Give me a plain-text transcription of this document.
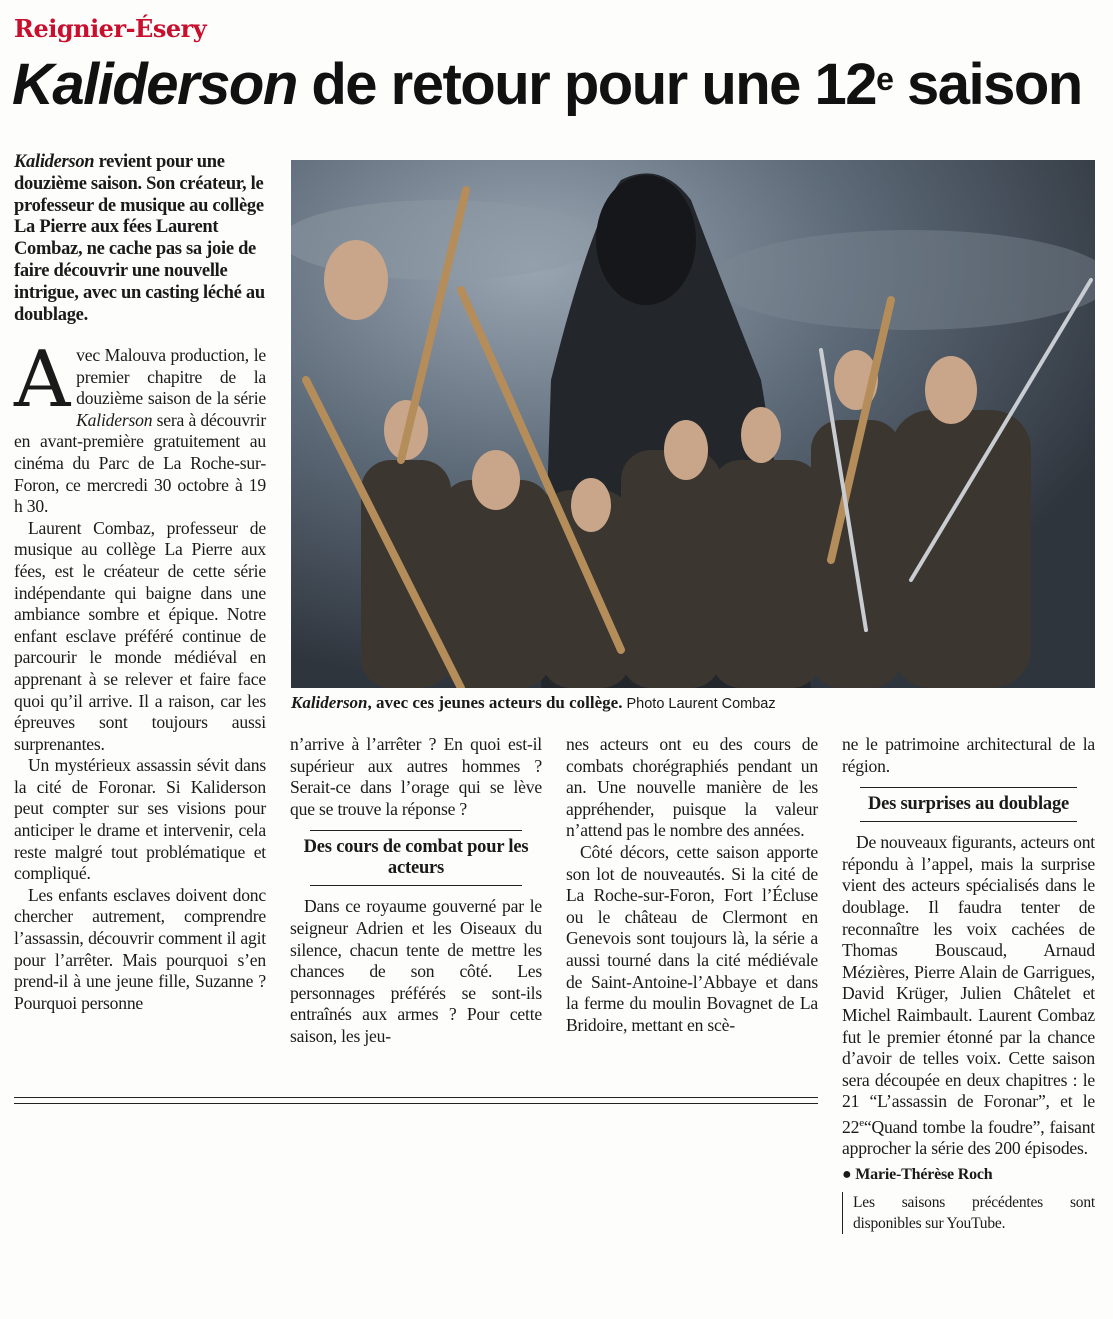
Reignier-Ésery
Kaliderson de retour pour une 12e saison
Kaliderson revient pour une douzième saison. Son créateur, le professeur de musique au collège La Pierre aux fées Laurent Combaz, ne cache pas sa joie de faire découvrir une nouvelle intrigue, avec un casting léché au doublage.
Kaliderson, avec ces jeunes acteurs du collège. Photo Laurent Combaz

Avec Malouva production, le premier chapitre de la douzième saison de la série Kaliderson sera à découvrir en avant-première gratuitement au cinéma du Parc de La Roche-sur-Foron, ce mercredi 30 octobre à 19 h 30.

Laurent Combaz, professeur de musique au collège La Pierre aux fées, est le créateur de cette série indépendante qui baigne dans une ambiance sombre et épique. Notre enfant esclave préféré continue de parcourir le monde médiéval en apprenant à se relever et faire face quoi qu’il arrive. Il a raison, car les épreuves sont toujours aussi surprenantes.

Un mystérieux assassin sévit dans la cité de Foronar. Si Kaliderson peut compter sur ses visions pour anticiper le drame et intervenir, cela reste malgré tout problématique et compliqué.

Les enfants esclaves doivent donc chercher autrement, comprendre l’assassin, découvrir comment il agit pour l’arrêter. Mais pourquoi s’en prend-il à une jeune fille, Suzanne ? Pourquoi personne

n’arrive à l’arrêter ? En quoi est-il supérieur aux autres hommes ? Serait-ce dans l’orage qui se lève que se trouve la réponse ?

Des cours de combat pour les acteurs

Dans ce royaume gouverné par le seigneur Adrien et les Oiseaux du silence, chacun tente de mettre les chances de son côté. Les personnages préférés se sont-ils entraînés aux armes ? Pour cette saison, les jeu-

nes acteurs ont eu des cours de combats chorégraphiés pendant un an. Une nouvelle manière de les appréhender, puisque la valeur n’attend pas le nombre des années.

Côté décors, cette saison apporte son lot de nouveautés. Si la cité de La Roche-sur-Foron, Fort l’Écluse ou le château de Clermont en Genevois sont toujours là, la série a aussi tourné dans la cité médiévale de Saint-Antoine-l’Abbaye et dans la ferme du moulin Bovagnet de La Bridoire, mettant en scè-

ne le patrimoine architectural de la région.

Des surprises au doublage

De nouveaux figurants, acteurs ont répondu à l’appel, mais la surprise vient des acteurs spécialisés dans le doublage. Il faudra tenter de reconnaître les voix cachées de Thomas Bouscaud, Arnaud Mézières, Pierre Alain de Garrigues, David Krüger, Julien Châtelet et Michel Raimbault. Laurent Combaz fut le premier étonné par la chance d’avoir de telles voix. Cette saison sera découpée en deux chapitres : le 21 “L’assassin de Foronar”, et le 22e“Quand tombe la foudre”, faisant approcher la série des 200 épisodes.

● Marie-Thérèse Roch
Les saisons précédentes sont disponibles sur YouTube.
